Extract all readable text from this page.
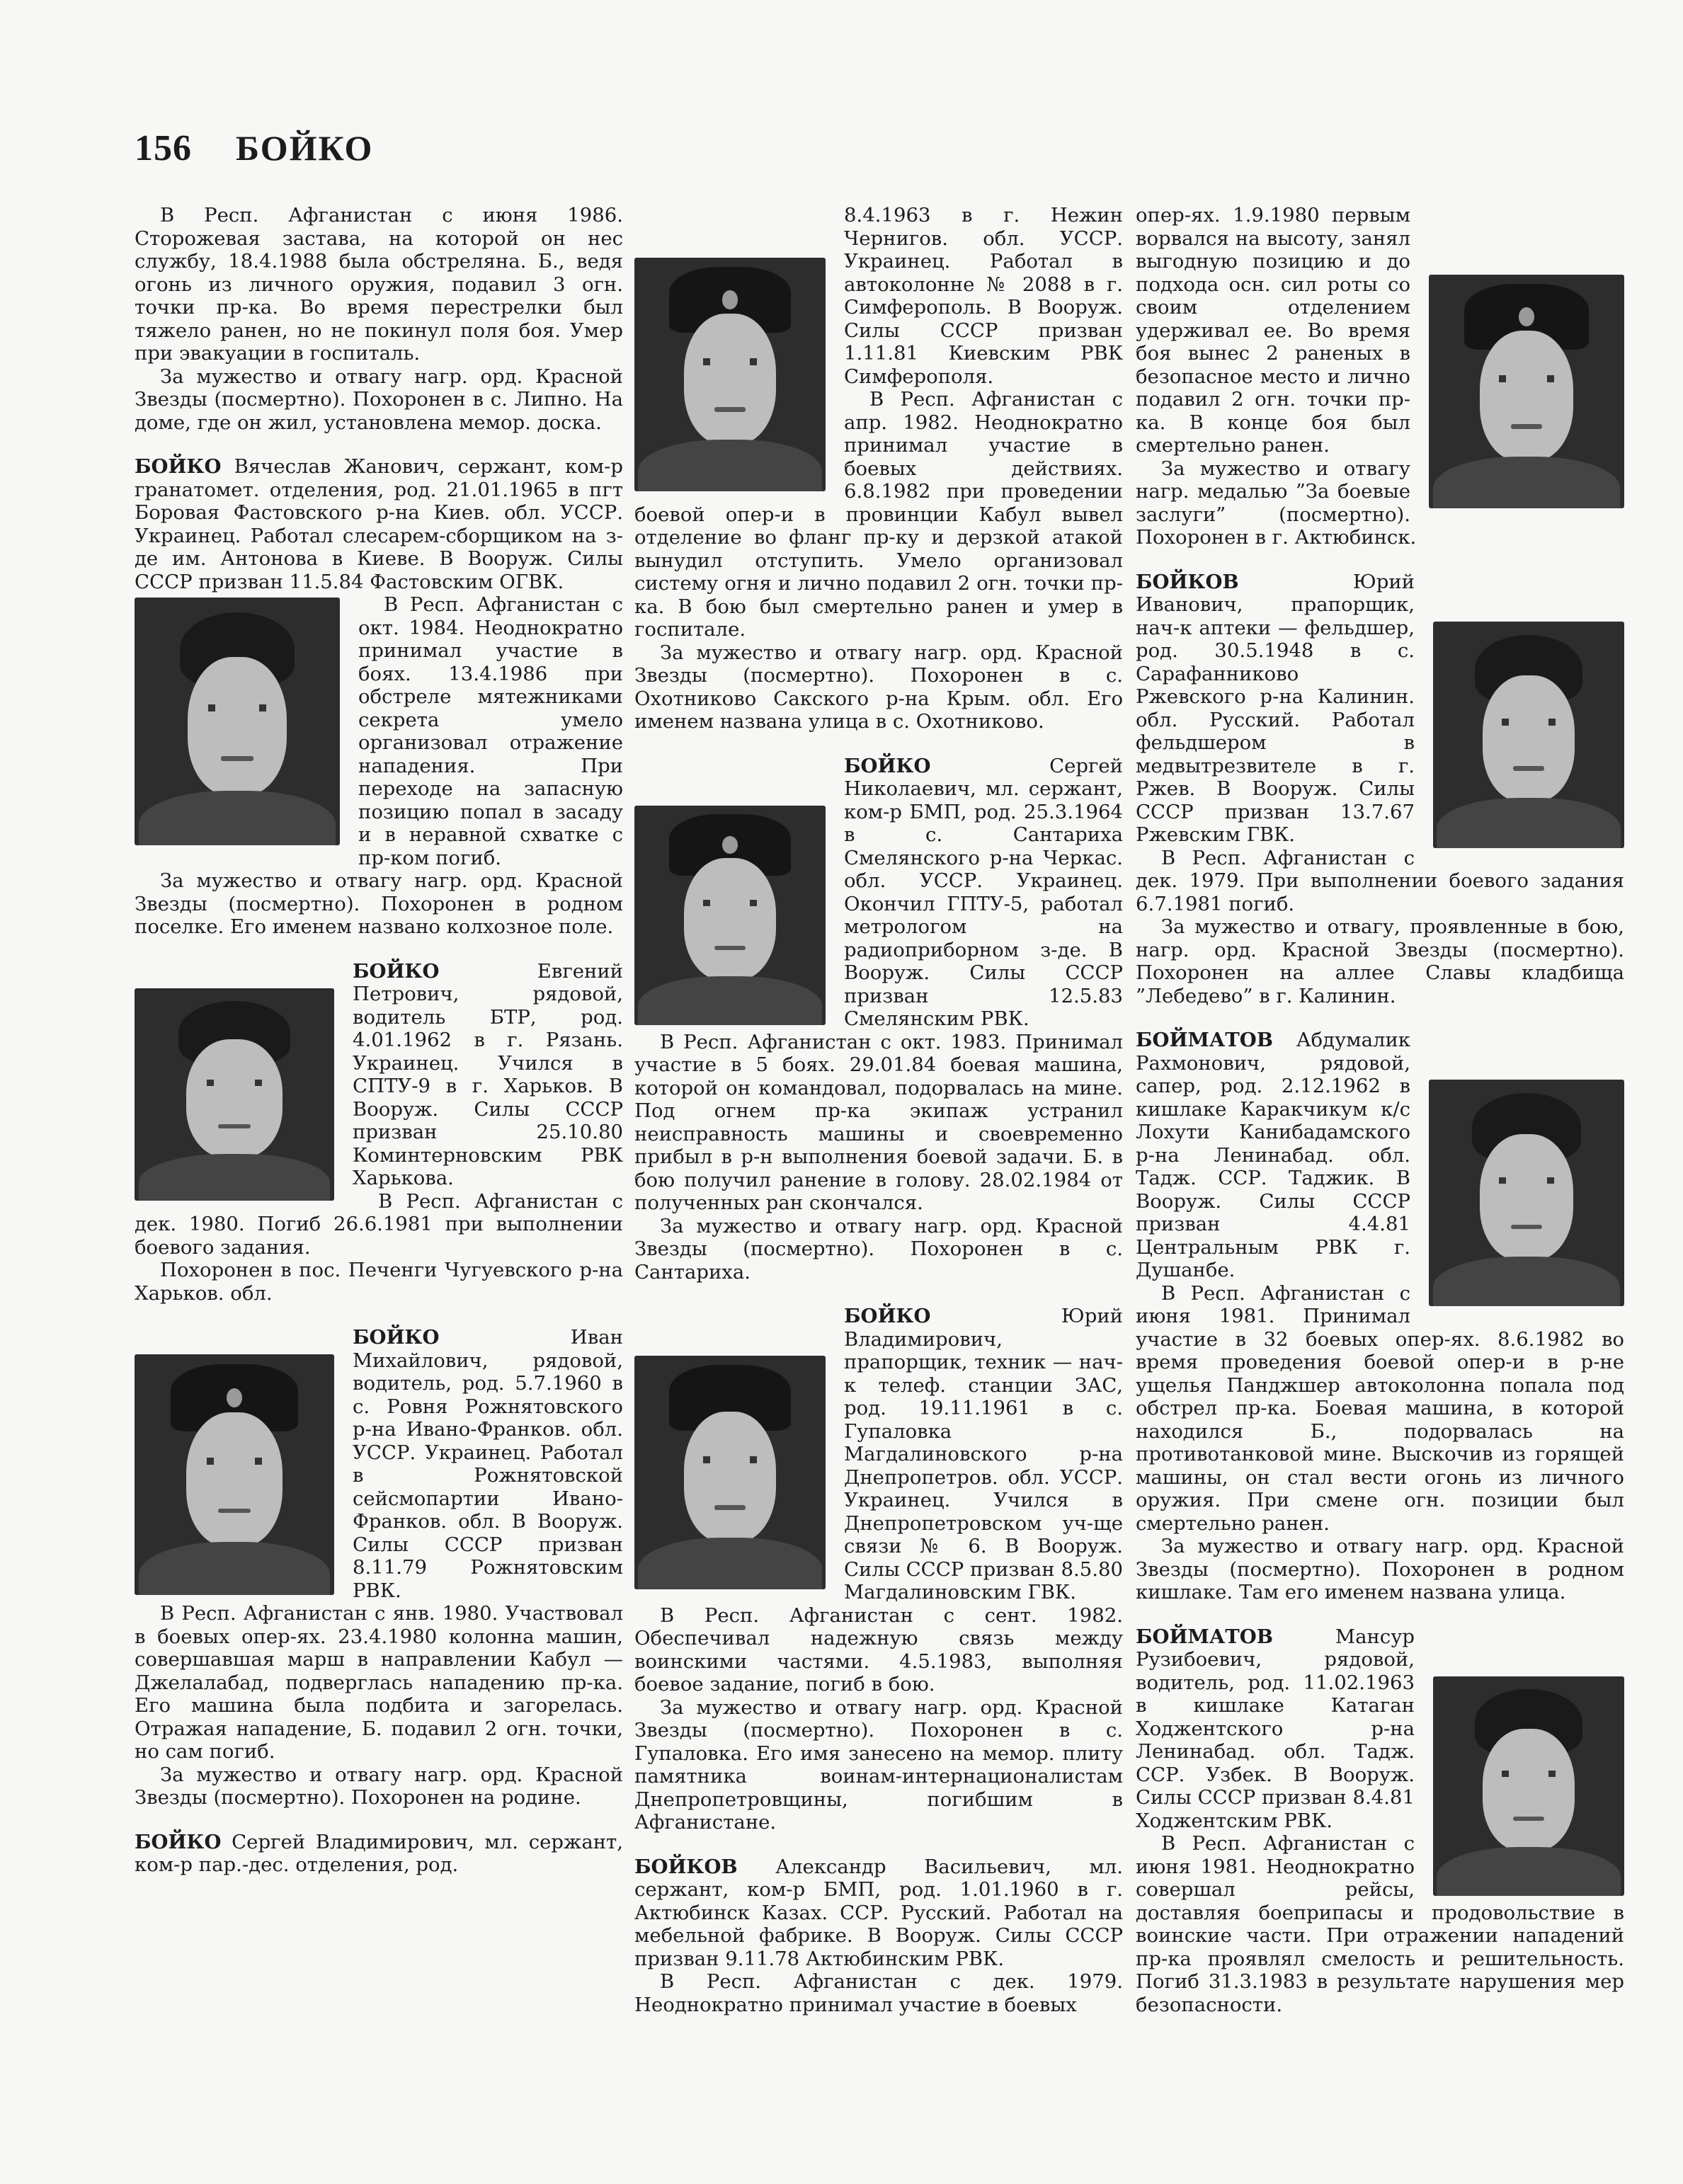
156 БОЙКО

В Респ. Афганистан с июня 1986. Сторожевая застава, на которой он нес службу, 18.4.1988 была обстреляна. Б., ведя огонь из личного оружия, подавил 3 огн. точки пр-ка. Во время перестрелки был тяжело ранен, но не покинул поля боя. Умер при эвакуации в госпиталь.

За мужество и отвагу нагр. орд. Красной Звезды (посмертно). Похоронен в с. Липно. На доме, где он жил, установлена мемор. доска.

БОЙКО Вячеслав Жанович, сержант, ком-р гранатомет. отделения, род. 21.01.1965 в пгт Боровая Фастовского р-на Киев. обл. УССР. Украинец. Работал слесарем-сборщиком на з-де им. Антонова в Киеве. В Вооруж. Силы СССР призван 11.5.84 Фастовским ОГВК.

В Респ. Афганистан с окт. 1984. Неоднократно принимал участие в боях. 13.4.1986 при обстреле мятежниками секрета умело организовал отражение нападения. При переходе на запасную позицию попал в засаду и в неравной схватке с пр-ком погиб.

За мужество и отвагу нагр. орд. Красной Звезды (посмертно). Похоронен в родном поселке. Его именем названо колхозное поле.

БОЙКО	Евгений Петрович, рядовой, водитель БТР, род. 4.01.1962 в г. Рязань. Украинец. Учился в СПТУ-9 в г. Харьков. В Вооруж. Силы СССР призван 25.10.80 Коминтерновским РВК Харькова.

В Респ. Афганистан с дек. 1980. Погиб 26.6.1981 при выполнении боевого задания.

Похоронен в пос. Печенги Чугуевского р-на Харьков. обл.

БОЙКО	Иван Михайлович, рядовой, водитель, род. 5.7.1960 в с. Ровня Рожнятовского р-на Ивано-Франков. обл. УССР. Украинец. Работал в Рожнятовской сейсмопартии Ивано-Франков. обл. В Вооруж. Силы СССР призван 8.11.79 Рожнятовским РВК.

В Респ. Афганистан с янв. 1980. Участвовал в боевых опер-ях. 23.4.1980 колонна машин, совершавшая марш в направлении Кабул — Джелалабад, подверглась нападению пр-ка. Его машина была подбита и загорелась. Отражая нападение, Б. подавил 2 огн. точки, но сам погиб.

За мужество и отвагу нагр. орд. Красной Звезды (посмертно). Похоронен на родине.

БОЙКО Сергей Владимирович, мл. сержант, ком-р пар.-дес. отделения, род.

8.4.1963 в г. Нежин Чернигов. обл. УССР. Украинец. Работал в автоколонне № 2088 в г. Симферополь. В Вооруж. Силы СССР призван 1.11.81 Киевским РВК Симферополя.

В Респ. Афганистан с апр. 1982. Неоднократно принимал участие в боевых действиях. 6.8.1982 при проведении боевой опер-и в провинции Кабул вывел отделение во фланг пр-ку и дерзкой атакой вынудил отступить. Умело организовал систему огня и лично подавил 2 огн. точки пр-ка. В бою был смертельно ранен и умер в госпитале.

За мужество и отвагу нагр. орд. Красной Звезды (посмертно). Похоронен в с. Охотниково Сакского р-на Крым. обл. Его именем названа улица в с. Охотниково.

БОЙКО	Сергей Николаевич, мл. сержант, ком-р БМП, род. 25.3.1964 в с. Сантариха Смелянского р-на Черкас. обл. УССР. Украинец. Окончил ГПТУ-5, работал метрологом на радиоприборном з-де. В Вооруж. Силы СССР призван 12.5.83 Смелянским РВК.

В Респ. Афганистан с окт. 1983. Принимал участие в 5 боях. 29.01.84 боевая машина, которой он командовал, подорвалась на мине. Под огнем пр-ка экипаж устранил неисправность машины и своевременно прибыл в р-н выполнения боевой задачи. Б. в бою получил ранение в голову. 28.02.1984 от полученных ран скончался.

За мужество и отвагу нагр. орд. Красной Звезды (посмертно). Похоронен в с. Сантариха.

БОЙКО	Юрий Владимирович, прапорщик, техник — нач-к телеф. станции ЗАС, род. 19.11.1961 в с. Гупаловка Магдалиновского р-на Днепропетров. обл. УССР. Украинец. Учился в Днепропетровском уч-ще связи № 6. В Вооруж. Силы СССР призван 8.5.80 Магдалиновским ГВК.

В Респ. Афганистан с сент. 1982. Обеспечивал надежную связь между воинскими частями. 4.5.1983, выполняя боевое задание, погиб в бою.

За мужество и отвагу нагр. орд. Красной Звезды (посмертно). Похоронен в с. Гупаловка. Его имя занесено на мемор. плиту памятника воинам-интернационалистам Днепропетровщины, погибшим в Афганистане.

БОЙКОВ Александр Васильевич, мл. сержант, ком-р БМП, род. 1.01.1960 в г. Актюбинск Казах. ССР. Русский. Работал на мебельной фабрике. В Вооруж. Силы СССР призван 9.11.78 Актюбинским РВК.

В Респ. Афганистан с дек. 1979. Неоднократно принимал участие в боевых

опер-ях. 1.9.1980 первым ворвался на высоту, занял выгодную позицию и до подхода осн. сил роты со своим отделением удерживал ее. Во время боя вынес 2 раненых в безопасное место и лично подавил 2 огн. точки пр-ка. В конце боя был смертельно ранен.

За мужество и отвагу нагр. медалью ”За боевые заслуги” (посмертно). Похоронен в г. Актюбинск.

БОЙКОВ	Юрий Иванович, прапорщик, нач-к аптеки — фельдшер, род. 30.5.1948 в с. Сарафанниково Ржевского р-на Калинин. обл. Русский. Работал фельдшером в медвытрезвителе в г. Ржев. В Вооруж. Силы СССР призван 13.7.67 Ржевским ГВК.

В Респ. Афганистан с дек. 1979. При выполнении боевого задания 6.7.1981 погиб.

За мужество и отвагу, проявленные в бою, нагр. орд. Красной Звезды (посмертно). Похоронен на аллее Славы кладбища ”Лебедево” в г. Калинин.

БОЙМАТОВ Абдумалик Рахмонович, рядовой, сапер, род. 2.12.1962 в кишлаке Каракчикум к/с Лохути Канибадамского р-на Ленинабад. обл. Тадж. ССР. Таджик. В Вооруж. Силы СССР призван 4.4.81 Центральным РВК г. Душанбе.

В Респ. Афганистан с июня 1981. Принимал участие в 32 боевых опер-ях. 8.6.1982 во время проведения боевой опер-и в р-не ущелья Панджшер автоколонна попала под обстрел пр-ка. Боевая машина, в которой находился Б., подорвалась на противотанковой мине. Выскочив из горящей машины, он стал вести огонь из личного оружия. При смене огн. позиции был смертельно ранен.

За мужество и отвагу нагр. орд. Красной Звезды (посмертно). Похоронен в родном кишлаке. Там его именем названа улица.

БОЙМАТОВ	Мансур Рузибоевич, рядовой, водитель, род. 11.02.1963 в кишлаке Катаган Ходжентского р-на Ленинабад. обл. Тадж. ССР. Узбек. В Вооруж. Силы СССР призван 8.4.81 Ходжентским РВК.

В Респ. Афганистан с июня 1981. Неоднократно совершал рейсы, доставляя боеприпасы и продовольствие в воинские части. При отражении нападений пр-ка проявлял смелость и решительность. Погиб 31.3.1983 в результате нарушения мер безопасности.
